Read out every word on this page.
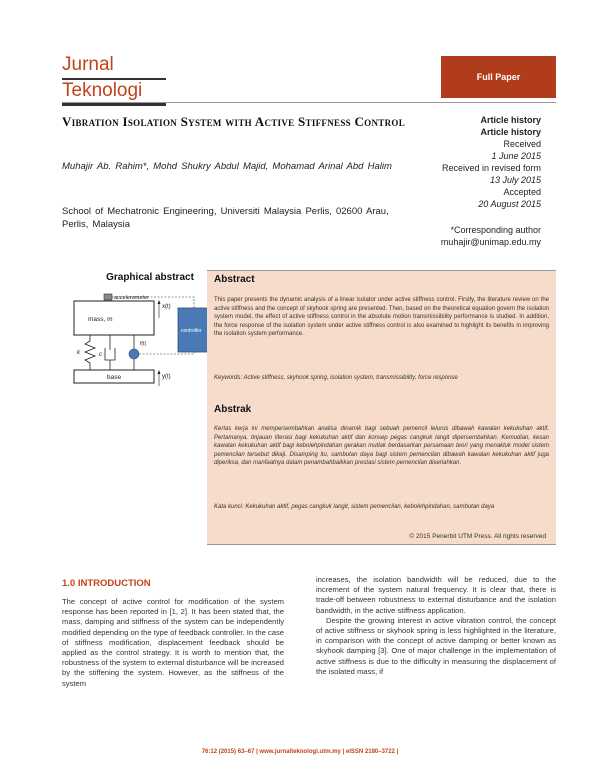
Jurnal
Teknologi
Full Paper
Vibration Isolation System with Active Stiffness Control
Muhajir Ab. Rahim*, Mohd Shukry Abdul Majid, Mohamad Arinal Abd Halim
School of Mechatronic Engineering, Universiti Malaysia Perlis, 02600 Arau, Perlis, Malaysia
Article history
Article history
Received
1 June 2015
Received in revised form
13 July 2015
Accepted
20 August 2015
*Corresponding author
muhajir@unimap.edu.my
Graphical abstract
accelerometer
mass, m
x(t)
controller
k	c
f(t)
base	y(t)
Abstract
This paper presents the dynamic analysis of a linear isolator under active stiffness control. Firstly, the literature review on the active stiffness and the concept of skyhook spring are presented. Then, based on the theoretical equation govern the isolation system model, the effect of active stiffness control in the absolute motion transmissibility performance is studied. In addition, the force response of the isolation system under active stiffness control is also examined to highlight its benefits in improving the isolation system performance.
Keywords: Active stiffness, skyhook spring, isolation system, transmissibility, force response
Abstrak
Kertas kerja ini mempersembahkan analisa dinamik bagi sebuah pemencil lelurus dibawah kawalan kekukuhan aktif. Pertamanya, tinjauan literasi bagi kekukuhan aktif dan konsep pegas cangkuk langit dipersembahkan. Kemudian, kesan kawalan kekukuhan aktif bagi kebolehpindahan gerakan mutlak berdasarkan persamaan teori yang menakluk model sistem pemencilan tersebut dikaji. Disamping itu, sambutan daya bagi sistem pemencilan dibawah kawalan kekukuhan aktif juga diperiksa, dan manfaatnya dalam penambahbaikkan prestasi sistem pemencilan diserlahkan.
Kata kunci: Kekukuhan aktif, pegas cangkuk langit, sistem pemencilan, kebolehpindahan, sambutan daya
© 2015 Penerbit UTM Press. All rights reserved
1.0 INTRODUCTION

The concept of active control for modification of the system response has been reported in [1, 2]. It has been stated that, the mass, damping and stiffness of the system can be independently modified depending on the type of feedback controller. In the case of stiffness modification, displacement feedback should be applied as the control strategy. It is worth to mention that, the robustness of the system to external disturbance will be increased by the stiffening the system. However, as the stiffness of the system

increases, the isolation bandwidth will be reduced, due to the increment of the system natural frequency. It is clear that, there is trade-off between robustness to external disturbance and the isolation bandwidth, in the active stiffness application.

Despite the growing interest in active vibration control, the concept of active stiffness or skyhook spring is less highlighted in the literature, in comparison with the concept of active damping or better known as skyhook damping [3]. One of major challenge in the implementation of active stiffness is due to the difficulty in measuring the displacement of the isolated mass, if

76:12 (2015) 63–67 | www.jurnalteknologi.utm.my | eISSN 2180–3722 |
